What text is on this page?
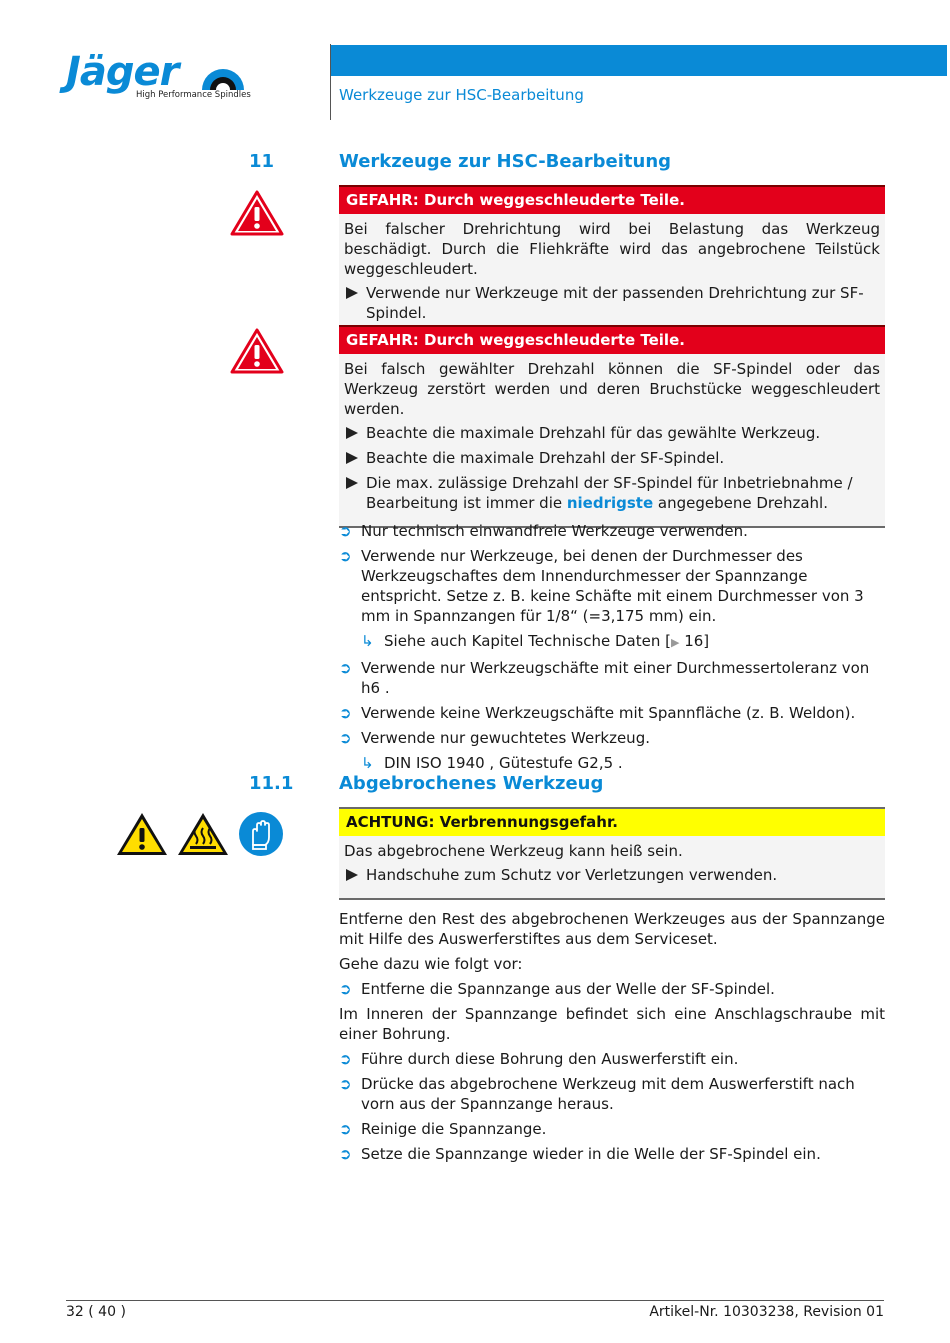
Jäger
High Performance Spindles	Werkzeuge zur HSC-Bearbeitung
11	Werkzeuge zur HSC-Bearbeitung
GEFAHR: Durch weggeschleuderte Teile.

Bei falscher Drehrichtung wird bei Belastung das Werkzeug beschädigt. Durch die Fliehkräfte wird das angebrochene Teilstück weggeschleudert.

Verwende nur Werkzeuge mit der passenden Drehrichtung zur SF-Spindel.
GEFAHR: Durch weggeschleuderte Teile.

Bei falsch gewählter Drehzahl können die SF-Spindel oder das Werkzeug zerstört werden und deren Bruchstücke weggeschleudert werden.

Beachte die maximale Drehzahl für das gewählte Werkzeug.
Beachte die maximale Drehzahl der SF-Spindel.
Die max. zulässige Drehzahl der SF-Spindel für Inbetriebnahme / Bearbeitung ist immer die niedrigste angegebene Drehzahl.
➲ Nur technisch einwandfreie Werkzeuge verwenden.
➲ Verwende nur Werkzeuge, bei denen der Durchmesser des Werkzeugschaftes dem Innendurchmesser der Spannzange entspricht. Setze z. B. keine Schäfte mit einem Durchmesser von 3 mm in Spannzangen für 1/8“ (=3,175 mm) ein.
↳ Siehe auch Kapitel Technische Daten [▶ 16]
➲ Verwende nur Werkzeugschäfte mit einer Durchmessertoleranz von h6 .
➲ Verwende keine Werkzeugschäfte mit Spannfläche (z. B. Weldon).
➲ Verwende nur gewuchtetes Werkzeug.
↳ DIN ISO 1940 , Gütestufe G2,5 .
11.1	Abgebrochenes Werkzeug
ACHTUNG: Verbrennungsgefahr.

Das abgebrochene Werkzeug kann heiß sein.

Handschuhe zum Schutz vor Verletzungen verwenden.

Entferne den Rest des abgebrochenen Werkzeuges aus der Spannzange mit Hilfe des Auswerferstiftes aus dem Serviceset.

Gehe dazu wie folgt vor:

➲ Entferne die Spannzange aus der Welle der SF-Spindel.

Im Inneren der Spannzange befindet sich eine Anschlagschraube mit einer Bohrung.

➲ Führe durch diese Bohrung den Auswerferstift ein.
➲ Drücke das abgebrochene Werkzeug mit dem Auswerferstift nach vorn aus der Spannzange heraus.
➲ Reinige die Spannzange.
➲ Setze die Spannzange wieder in die Welle der SF-Spindel ein.
32 ( 40 )	Artikel-Nr. 10303238, Revision 01
